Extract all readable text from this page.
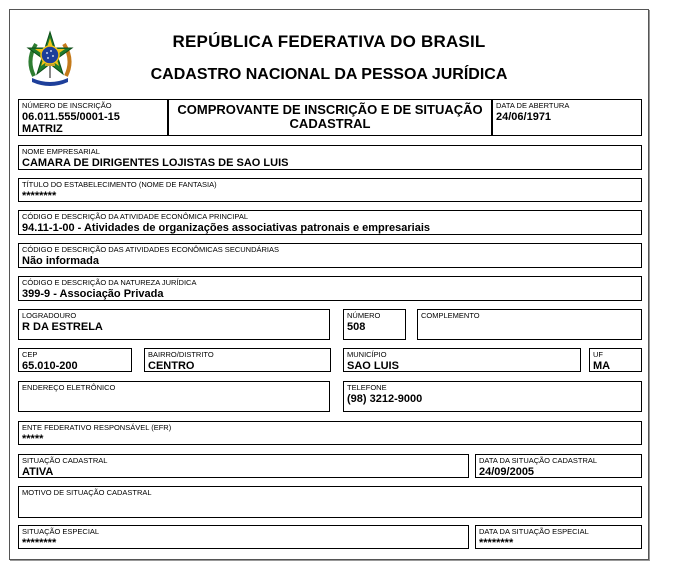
REPÚBLICA FEDERATIVA DO BRASIL
CADASTRO NACIONAL DA PESSOA JURÍDICA
NÚMERO DE INSCRIÇÃO
06.011.555/0001-15
MATRIZ
COMPROVANTE DE INSCRIÇÃO E DE SITUAÇÃO
CADASTRAL
DATA DE ABERTURA
24/06/1971
NOME EMPRESARIAL
CAMARA DE DIRIGENTES LOJISTAS DE SAO LUIS
TÍTULO DO ESTABELECIMENTO (NOME DE FANTASIA)
********
CÓDIGO E DESCRIÇÃO DA ATIVIDADE ECONÔMICA PRINCIPAL
94.11-1-00 - Atividades de organizações associativas patronais e empresariais
CÓDIGO E DESCRIÇÃO DAS ATIVIDADES ECONÔMICAS SECUNDÁRIAS
Não informada
CÓDIGO E DESCRIÇÃO DA NATUREZA JURÍDICA
399-9 - Associação Privada
LOGRADOURO
R DA ESTRELA
NÚMERO
508
COMPLEMENTO
CEP
65.010-200
BAIRRO/DISTRITO
CENTRO
MUNICÍPIO
SAO LUIS
UF
MA
ENDEREÇO ELETRÔNICO	TELEFONE
(98) 3212-9000
ENTE FEDERATIVO RESPONSÁVEL (EFR)
*****
SITUAÇÃO CADASTRAL
ATIVA
DATA DA SITUAÇÃO CADASTRAL
24/09/2005
MOTIVO DE SITUAÇÃO CADASTRAL
SITUAÇÃO ESPECIAL
********
DATA DA SITUAÇÃO ESPECIAL
********
